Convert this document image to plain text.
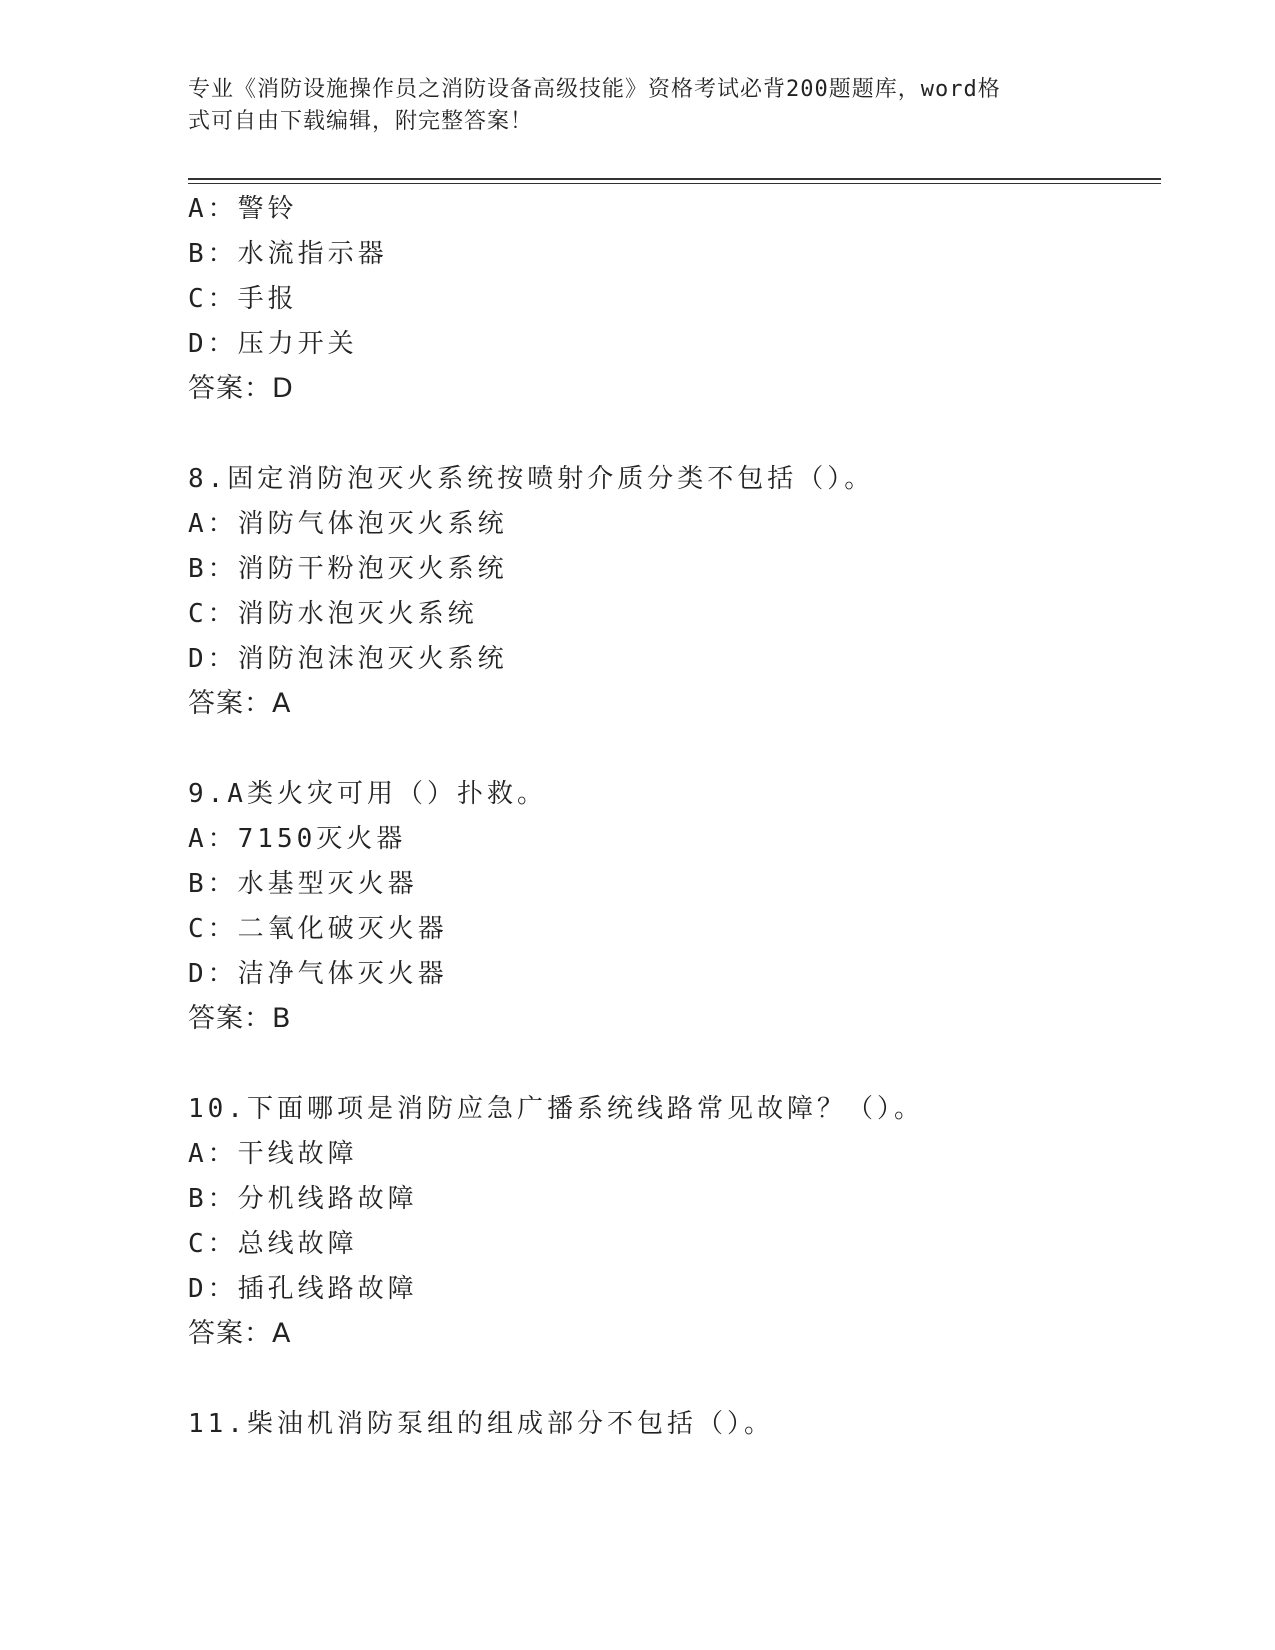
专业《消防设施操作员之消防设备高级技能》资格考试必背200题题库，word格
式可自由下载编辑，附完整答案！
A：警铃
B：水流指示器
C：手报
D：压力开关
答案：D
8.固定消防泡灭火系统按喷射介质分类不包括（）。
A：消防气体泡灭火系统
B：消防干粉泡灭火系统
C：消防水泡灭火系统
D：消防泡沫泡灭火系统
答案：A
9.A类火灾可用（）扑救。
A：7150灭火器
B：水基型灭火器
C：二氧化破灭火器
D：洁净气体灭火器
答案：B
10.下面哪项是消防应急广播系统线路常见故障？（）。
A：干线故障
B：分机线路故障
C：总线故障
D：插孔线路故障
答案：A
11.柴油机消防泵组的组成部分不包括（）。
